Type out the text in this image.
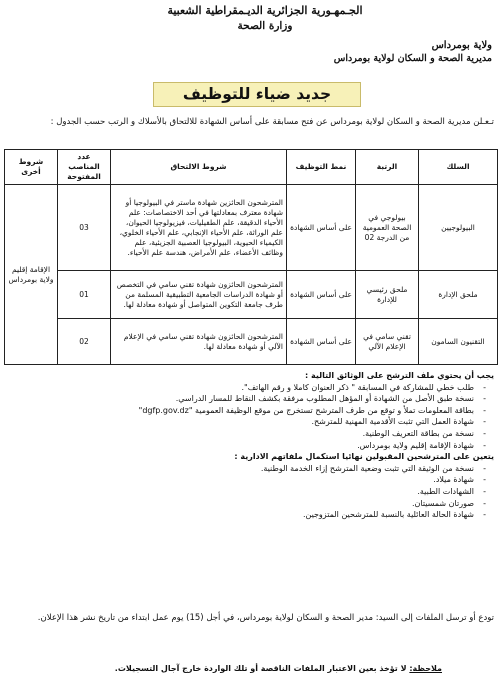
الجـمهـورية الجزائرية الديـمقراطية الشعبية
وزارة الصحة
ولاية بومرداس
مديرية الصحة و السكان لولاية بومرداس
جديد ضياء للتوظيف
تـعـلن مديرية الصحة و السكان لولاية بومرداس عن فتح مسابقة على أساس الشهادة للالتحاق بالأسلاك و الرتب حسب الجدول :
السلك	الرتبة	نمط التوظيف	شروط الالتحاق	عدد المناصب المفتوحة	شروط أخرى
البيولوجيين	بيولوجي في الصحة العمومية من الدرجة 02	على أساس الشهادة	المترشحون الحائزين شهادة ماستر في البيولوجيا أو شهادة معترف بمعادلتها في أحد الاختصاصات: علم الأحياء الدقيقة، علم الطفيليات، فيزيولوجيا الحيوان، علم الوراثة، علم الأحياء الإنجابي، علم الأحياء الخلوي، الكيمياء الحيوية، البيولوجيا العصبية الجزيئية، علم وظائف الأعضاء، علم الأمراض، هندسة علم الأحياء.	03	الإقامة إقليم ولاية بومرداس
ملحق الإدارة	ملحق رئيسي للإدارة	على أساس الشهادة	المترشحون الحائزون شهادة تقني سامي في التخصص أو شهادة الدراسات الجامعية التطبيقية المسلمة من طرف جامعة التكوين المتواصل أو شهادة معادلة لها.	01	
التقنيون السامون	تقني سامي في الإعلام الآلي	على أساس الشهادة	المترشحون الحائزون شهادة تقني سامي في الإعلام الآلي أو شهادة معادلة لها.	02	
يجب أن يحتوي ملف الترشح على الوثائق التالية :
- طلب خطي للمشاركة في المسابقة " ذكر العنوان كاملا و رقم الهاتف".
- نسخة طبق الأصل من الشهادة أو المؤهل المطلوب مرفقة بكشف النقاط للمسار الدراسي.
- بطاقة المعلومات تملأ و توقع من طرف المترشح تستخرج من موقع الوظيفة العمومية "dgfp.gov.dz"
- شهادة العمل التي تثبت الأقدمية المهنية للمترشح.
- نسخة من بطاقة التعريف الوطنية.
- شهادة الإقامة إقليم ولاية بومرداس.
يتعين على المترشحين المقبولين نهائيا استكمال ملفاتهم الادارية :
- نسخة من الوثيقة التي تثبت وضعية المترشح إزاء الخدمة الوطنية.
- شهادة ميلاد.
- الشهادات الطبية.
- صورتان شمسيتان.
- شهادة الحالة العائلية بالنسبة للمترشحين المتزوجين.
تودع أو ترسل الملفات إلى السيد: مدير الصحة و السكان لولاية بومرداس، في أجل (15) يوم عمل ابتداء من تاريخ نشر هذا الإعلان.
ملاحظة: لا تؤخذ بعين الاعتبار الملفات الناقصة أو تلك الواردة خارج آجال التسجيلات.
